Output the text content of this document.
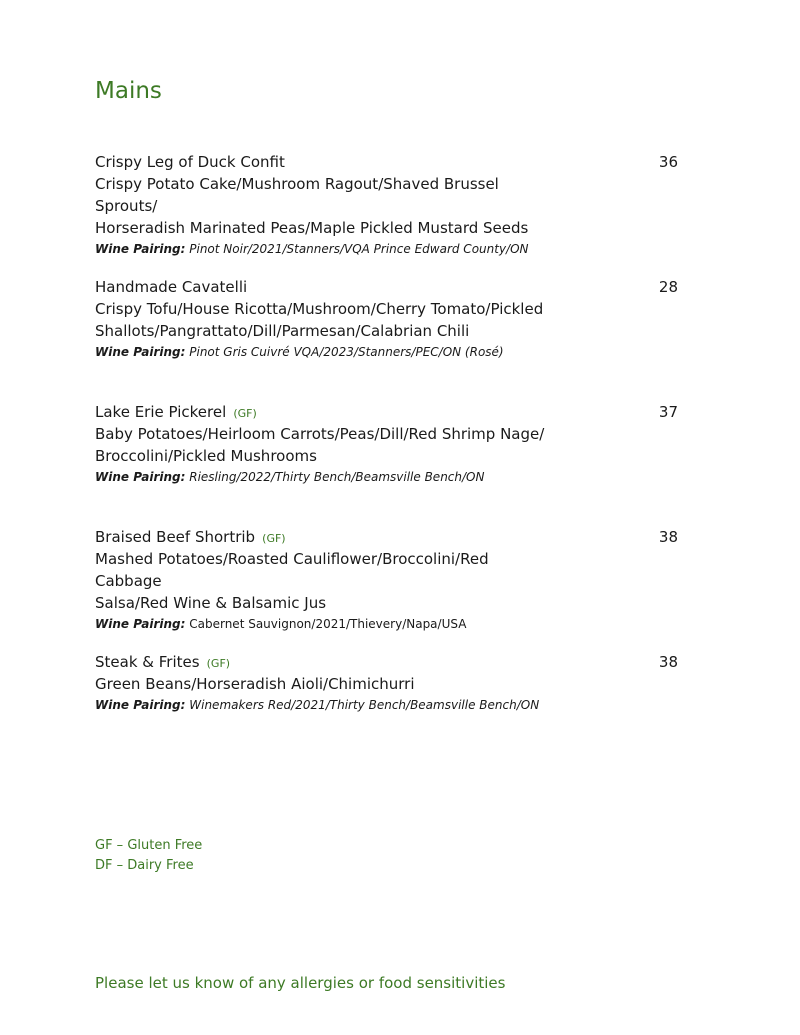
Mains
Crispy Leg of Duck Confit	36
Crispy Potato Cake/Mushroom Ragout/Shaved Brussel Sprouts/
Horseradish Marinated Peas/Maple Pickled Mustard Seeds
Wine Pairing: Pinot Noir/2021/Stanners/VQA Prince Edward County/ON
Handmade Cavatelli	28
Crispy Tofu/House Ricotta/Mushroom/Cherry Tomato/Pickled
Shallots/Pangrattato/Dill/Parmesan/Calabrian Chili
Wine Pairing: Pinot Gris Cuivré VQA/2023/Stanners/PEC/ON (Rosé)
Lake Erie Pickerel (GF)	37
Baby Potatoes/Heirloom Carrots/Peas/Dill/Red Shrimp Nage/
Broccolini/Pickled Mushrooms
Wine Pairing: Riesling/2022/Thirty Bench/Beamsville Bench/ON
Braised Beef Shortrib (GF)	38
Mashed Potatoes/Roasted Cauliflower/Broccolini/Red Cabbage
Salsa/Red Wine & Balsamic Jus
Wine Pairing: Cabernet Sauvignon/2021/Thievery/Napa/USA
Steak & Frites (GF)	38
Green Beans/Horseradish Aioli/Chimichurri
Wine Pairing: Winemakers Red/2021/Thirty Bench/Beamsville Bench/ON
GF – Gluten Free
DF – Dairy Free
Please let us know of any allergies or food sensitivities
